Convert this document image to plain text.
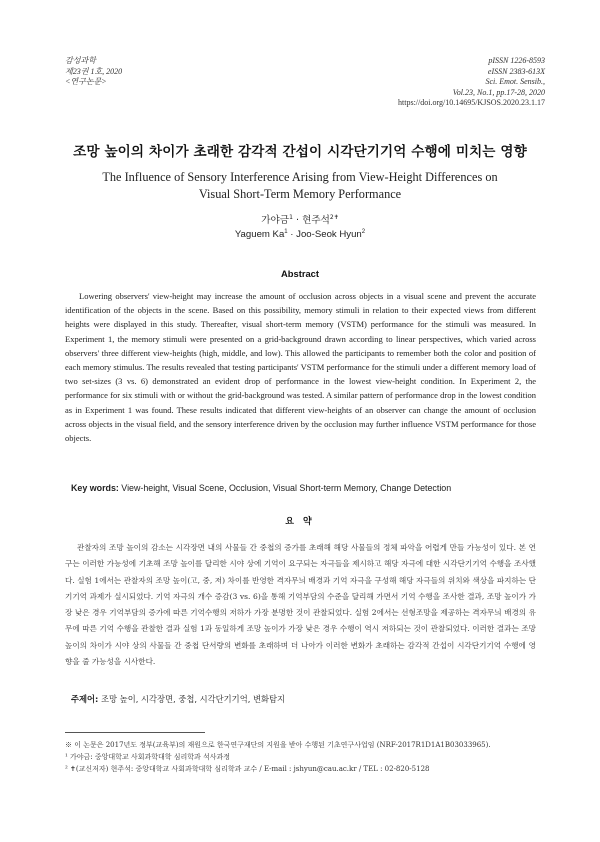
감성과학
제23권 1호, 2020
<연구논문>
pISSN 1226-8593
eISSN 2383-613X
Sci. Emot. Sensib.,
Vol.23, No.1, pp.17-28, 2020
https://doi.org/10.14695/KJSOS.2020.23.1.17
조망 높이의 차이가 초래한 감각적 간섭이 시각단기기억 수행에 미치는 영향
The Influence of Sensory Interference Arising from View-Height Differences on
Visual Short-Term Memory Performance
가야금$^1$ · 현주석$^{2✝}$
Yaguem $Ka^1$ · Joo-Seok Hyun$^2$
Abstract

Lowering observers' view-height may increase the amount of occlusion across objects in a visual scene and prevent the accurate identification of the objects in the scene. Based on this possibility, memory stimuli in relation to their expected views from different heights were displayed in this study. Thereafter, visual short-term memory (VSTM) performance for the stimuli was measured. In Experiment 1, the memory stimuli were presented on a grid-background drawn according to linear perspectives, which varied across observers' three different view-heights (high, middle, and low). This allowed the participants to remember both the color and position of each memory stimulus. The results revealed that testing participants' VSTM performance for the stimuli under a different memory load of two set-sizes (3 vs. 6) demonstrated an evident drop of performance in the lowest view-height condition. In Experiment 2, the performance for six stimuli with or without the grid-background was tested. A similar pattern of performance drop in the lowest condition as in Experiment 1 was found. These results indicated that different view-heights of an observer can change the amount of occlusion across objects in the visual field, and the sensory interference driven by the occlusion may further influence VSTM performance for those objects.

Key words: View-height, Visual Scene, Occlusion, Visual Short-term Memory, Change Detection
요 약

관찰자의 조망 높이의 감소는 시각장면 내의 사물들 간 중첩의 증가를 초래해 해당 사물들의 정체 파악을 어렵게 만들 가능성이 있다. 본 연구는 이러한 가능성에 기초해 조망 높이를 달리한 시야 상에 기억이 요구되는 자극들을 제시하고 해당 자극에 대한 시각단기기억 수행을 조사했다. 실험 1에서는 관찰자의 조망 높이(고, 중, 저) 차이를 반영한 격자무늬 배경과 기억 자극을 구성해 해당 자극들의 위치와 색상을 파지하는 단기기억 과제가 실시되었다. 기억 자극의 개수 증감(3 vs. 6)을 통해 기억부담의 수준을 달리해 가면서 기억 수행을 조사한 결과, 조망 높이가 가장 낮은 경우 기억부담의 증가에 따른 기억수행의 저하가 가장 분명한 것이 관찰되었다. 실험 2에서는 선형조망을 제공하는 격자무늬 배경의 유무에 따른 기억 수행을 관찰한 결과 실험 1과 동일하게 조망 높이가 가장 낮은 경우 수행이 역시 저하되는 것이 관찰되었다. 이러한 결과는 조망 높이의 차이가 시야 상의 사물들 간 중첩 단서량의 변화를 초래하며 더 나아가 이러한 변화가 초래하는 감각적 간섭이 시각단기기억 수행에 영향을 줄 가능성을 시사한다.

주제어: 조망 높이, 시각장면, 중첩, 시각단기기억, 변화탐지
※ 이 논문은 2017년도 정부(교육부)의 재원으로 한국연구재단의 지원을 받아 수행된 기초연구사업임 (NRF-2017R1D1A1B03033965).
¹ 가야금: 중앙대학교 사회과학대학 심리학과 석사과정
² ✝(교신저자) 현주석: 중앙대학교 사회과학대학 심리학과 교수 / E-mail : jshyun@cau.ac.kr / TEL : 02-820-5128
